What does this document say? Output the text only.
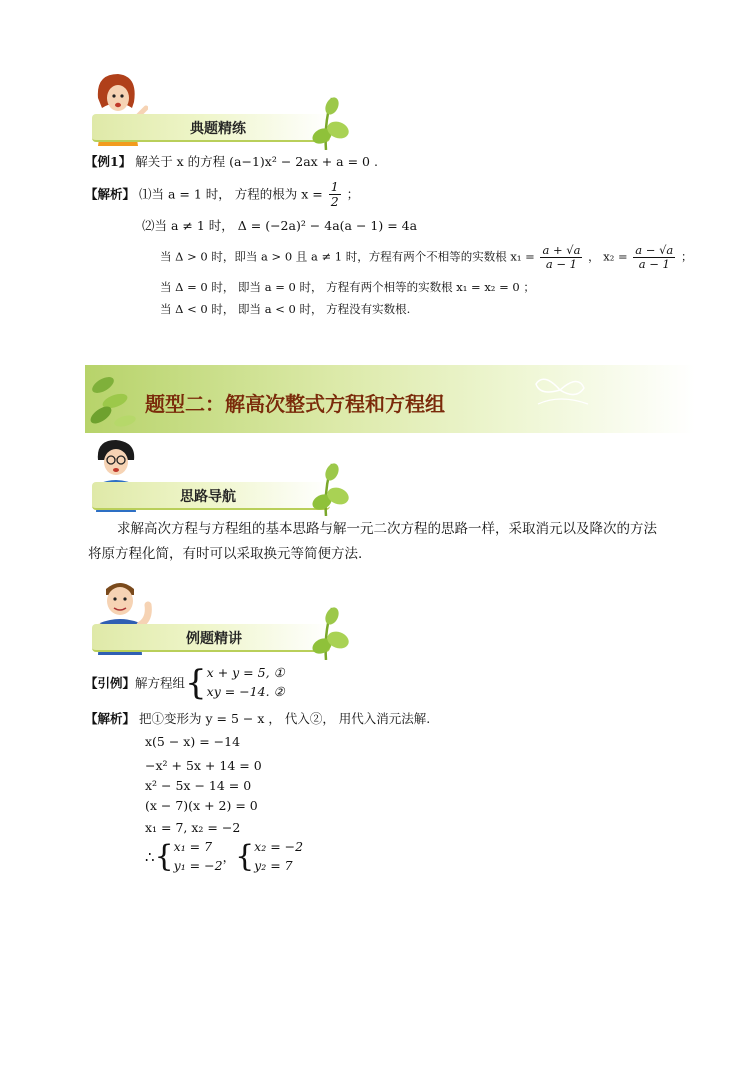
典题精练
【例1】 解关于 x 的方程 (a−1)x² − 2ax + a = 0 .
【解析】 ⑴当 a = 1 时， 方程的根为 $x = \frac{1}{2}$ ；
⑵当 a ≠ 1 时， Δ = (−2a)² − 4a(a − 1) = 4a
当 Δ > 0 时，即当 a > 0 且 a ≠ 1 时，方程有两个不相等的实数根 $x_1 = \frac{a + √a}{a - 1}$ ， $x_2 = \frac{a - √a}{a - 1}$ ；
当 Δ = 0 时， 即当 a = 0 时， 方程有两个相等的实数根 x₁ = x₂ = 0 ；
当 Δ < 0 时， 即当 a < 0 时， 方程没有实数根.
题型二：解高次整式方程和方程组
思路导航
求解高次方程与方程组的基本思路与解一元二次方程的思路一样，采取消元以及降次的方法
将原方程化简，有时可以采取换元等简便方法.
例题精讲
【引例】解方程组{ x + y = 5, ①
xy = −14. ②
【解析】 把①变形为 y = 5 − x ， 代入②， 用代入消元法解.
x(5 − x) = −14
−x² + 5x + 14 = 0
x² − 5x − 14 = 0
(x − 7)(x + 2) = 0
x₁ = 7, x₂ = −2
∴{ x₁ = 7
y₁ = −2
，{ x₂ = −2
y₂ = 7
